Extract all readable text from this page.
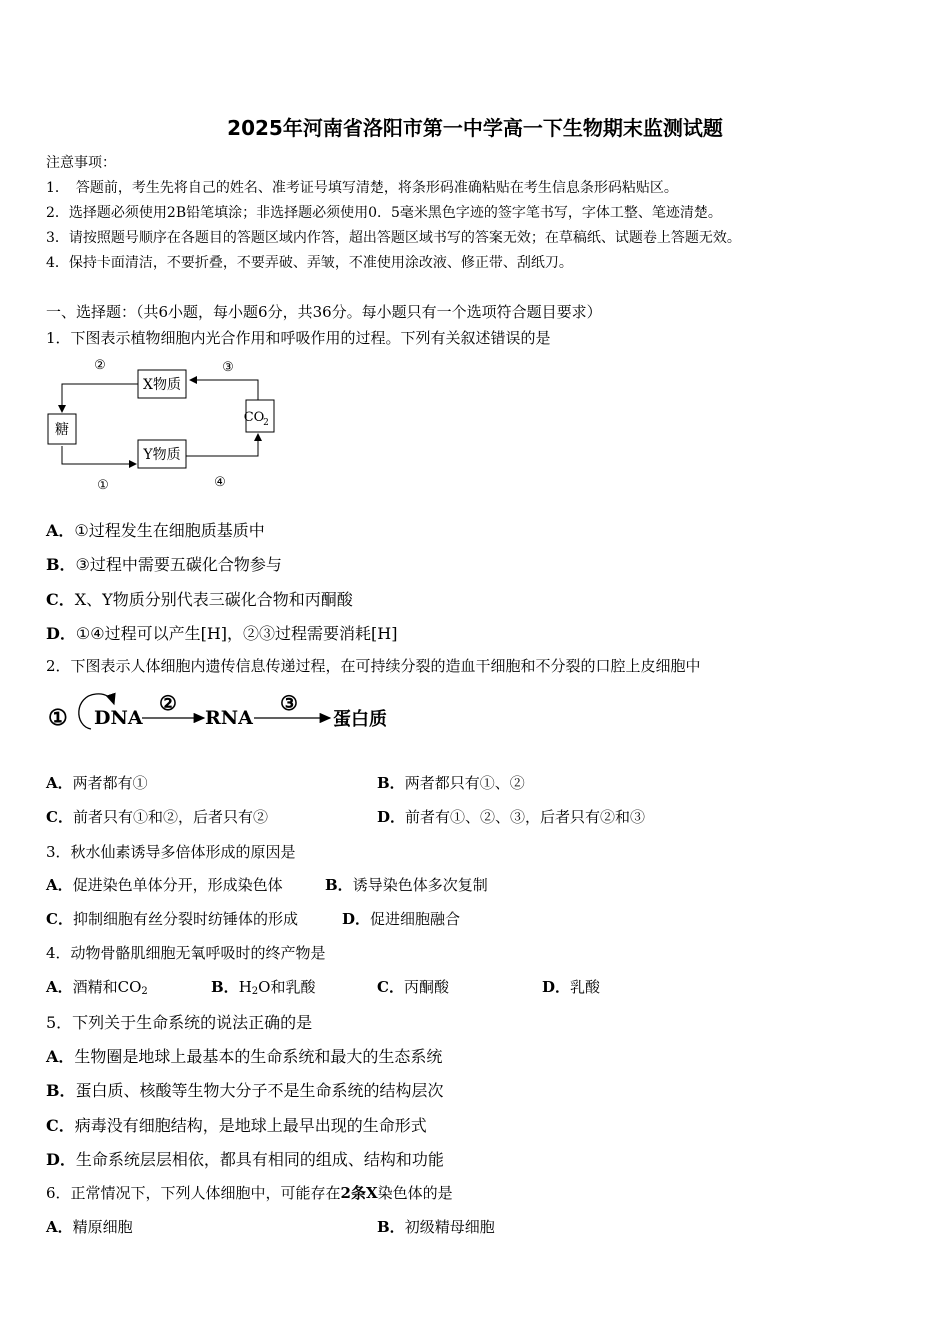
2025年河南省洛阳市第一中学高一下生物期末监测试题
注意事项：
1．　答题前，考生先将自己的姓名、准考证号填写清楚，将条形码准确粘贴在考生信息条形码粘贴区。
2．选择题必须使用2B铅笔填涂；非选择题必须使用0．5毫米黑色字迹的签字笔书写，字体工整、笔迹清楚。
3．请按照题号顺序在各题目的答题区域内作答，超出答题区域书写的答案无效；在草稿纸、试题卷上答题无效。
4．保持卡面清洁，不要折叠，不要弄破、弄皱，不准使用涂改液、修正带、刮纸刀。
一、选择题：（共6小题，每小题6分，共36分。每小题只有一个选项符合题目要求）
1．下图表示植物细胞内光合作用和呼吸作用的过程。下列有关叙述错误的是
糖
X物质
Y物质
CO
2
②	③
①	④
A．①过程发生在细胞质基质中
B．③过程中需要五碳化合物参与
C．X、Y物质分别代表三碳化合物和丙酮酸
D．①④过程可以产生[H]，②③过程需要消耗[H]
2．下图表示人体细胞内遗传信息传递过程，在可持续分裂的造血干细胞和不分裂的口腔上皮细胞中
① DNA
②
RNA
③
蛋白质
A．两者都有①	B．两者都只有①、②
C．前者只有①和②，后者只有②	D．前者有①、②、③，后者只有②和③
3．秋水仙素诱导多倍体形成的原因是
A．促进染色单体分开，形成染色体	B．诱导染色体多次复制
C．抑制细胞有丝分裂时纺锤体的形成	D．促进细胞融合
4．动物骨骼肌细胞无氧呼吸时的终产物是
A．酒精和$CO_2$	B．$H_2O$和乳酸	C．丙酮酸	D．乳酸
5．下列关于生命系统的说法正确的是
A．生物圈是地球上最基本的生命系统和最大的生态系统
B．蛋白质、核酸等生物大分子不是生命系统的结构层次
C．病毒没有细胞结构，是地球上最早出现的生命形式
D．生命系统层层相依，都具有相同的组成、结构和功能
6．正常情况下，下列人体细胞中，可能存在2条X染色体的是
A．精原细胞	B．初级精母细胞
